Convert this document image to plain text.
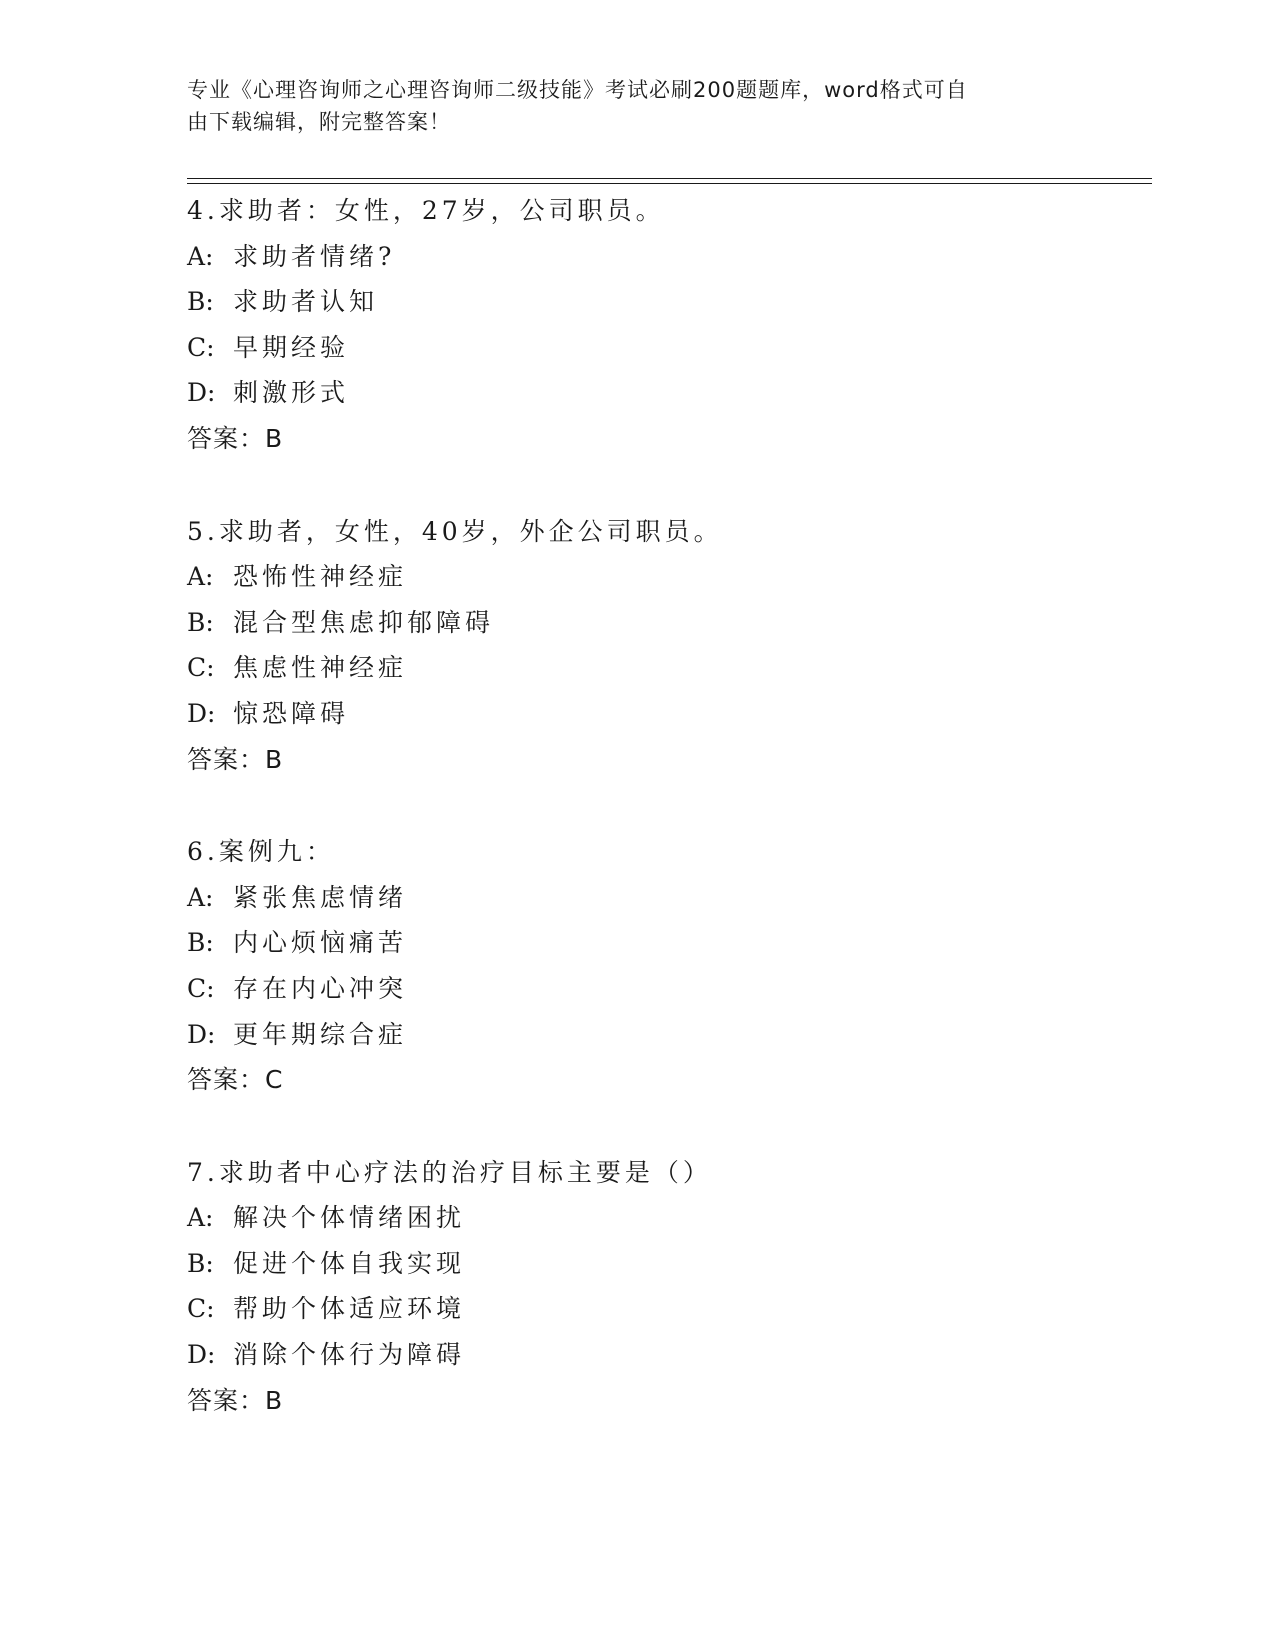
专业《心理咨询师之心理咨询师二级技能》考试必刷200题题库，word格式可自
由下载编辑，附完整答案！
4.求助者：女性，27岁，公司职员。
A: 求助者情绪?
B: 求助者认知
C: 早期经验
D: 刺激形式
答案：B
5.求助者，女性，40岁，外企公司职员。
A: 恐怖性神经症
B: 混合型焦虑抑郁障碍
C: 焦虑性神经症
D: 惊恐障碍
答案：B
6.案例九：
A: 紧张焦虑情绪
B: 内心烦恼痛苦
C: 存在内心冲突
D: 更年期综合症
答案：C
7.求助者中心疗法的治疗目标主要是（）
A: 解决个体情绪困扰
B: 促进个体自我实现
C: 帮助个体适应环境
D: 消除个体行为障碍
答案：B
